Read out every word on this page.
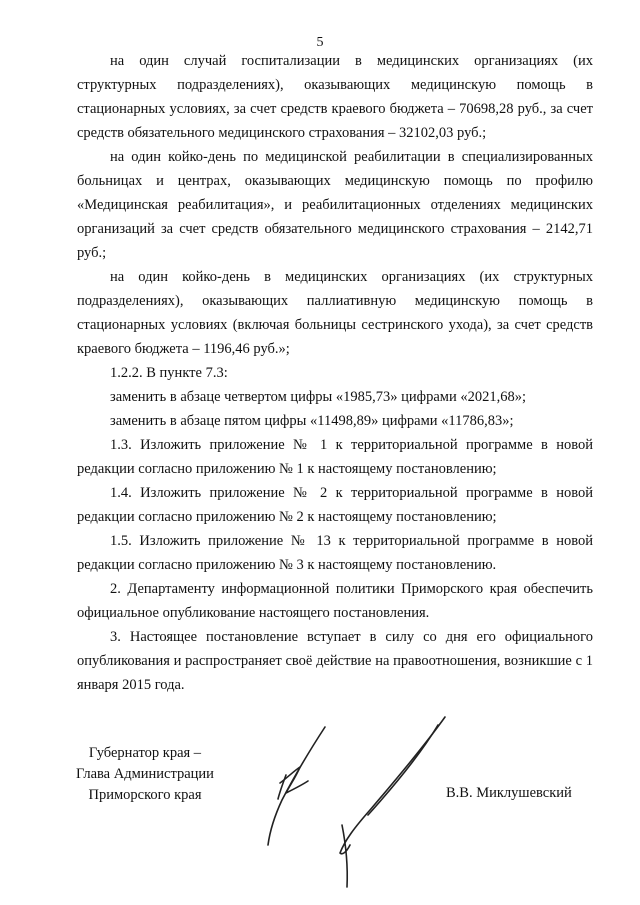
5

на один случай госпитализации в медицинских организациях (их структурных подразделениях), оказывающих медицинскую помощь в стационарных условиях, за счет средств краевого бюджета – 70698,28 руб., за счет средств обязательного медицинского страхования – 32102,03 руб.;

на один койко-день по медицинской реабилитации в специализированных больницах и центрах, оказывающих медицинскую помощь по профилю «Медицинская реабилитация», и реабилитационных отделениях медицинских организаций за счет средств обязательного медицинского страхования – 2142,71 руб.;

на один койко-день в медицинских организациях (их структурных подразделениях), оказывающих паллиативную медицинскую помощь в стационарных условиях (включая больницы сестринского ухода), за счет средств краевого бюджета – 1196,46 руб.»;

1.2.2. В пункте 7.3:

заменить в абзаце четвертом цифры «1985,73» цифрами «2021,68»;

заменить в абзаце пятом цифры «11498,89» цифрами «11786,83»;

1.3. Изложить приложение № 1 к территориальной программе в новой редакции согласно приложению № 1 к настоящему постановлению;

1.4. Изложить приложение № 2 к территориальной программе в новой редакции согласно приложению № 2 к настоящему постановлению;

1.5. Изложить приложение № 13 к территориальной программе в новой редакции согласно приложению № 3 к настоящему постановлению.

2. Департаменту информационной политики Приморского края обеспечить официальное опубликование настоящего постановления.

3. Настоящее постановление вступает в силу со дня его официального опубликования и распространяет своё действие на правоотношения, возникшие с 1 января 2015 года.

Губернатор края –
Глава Администрации
Приморского края	В.В. Миклушевский
